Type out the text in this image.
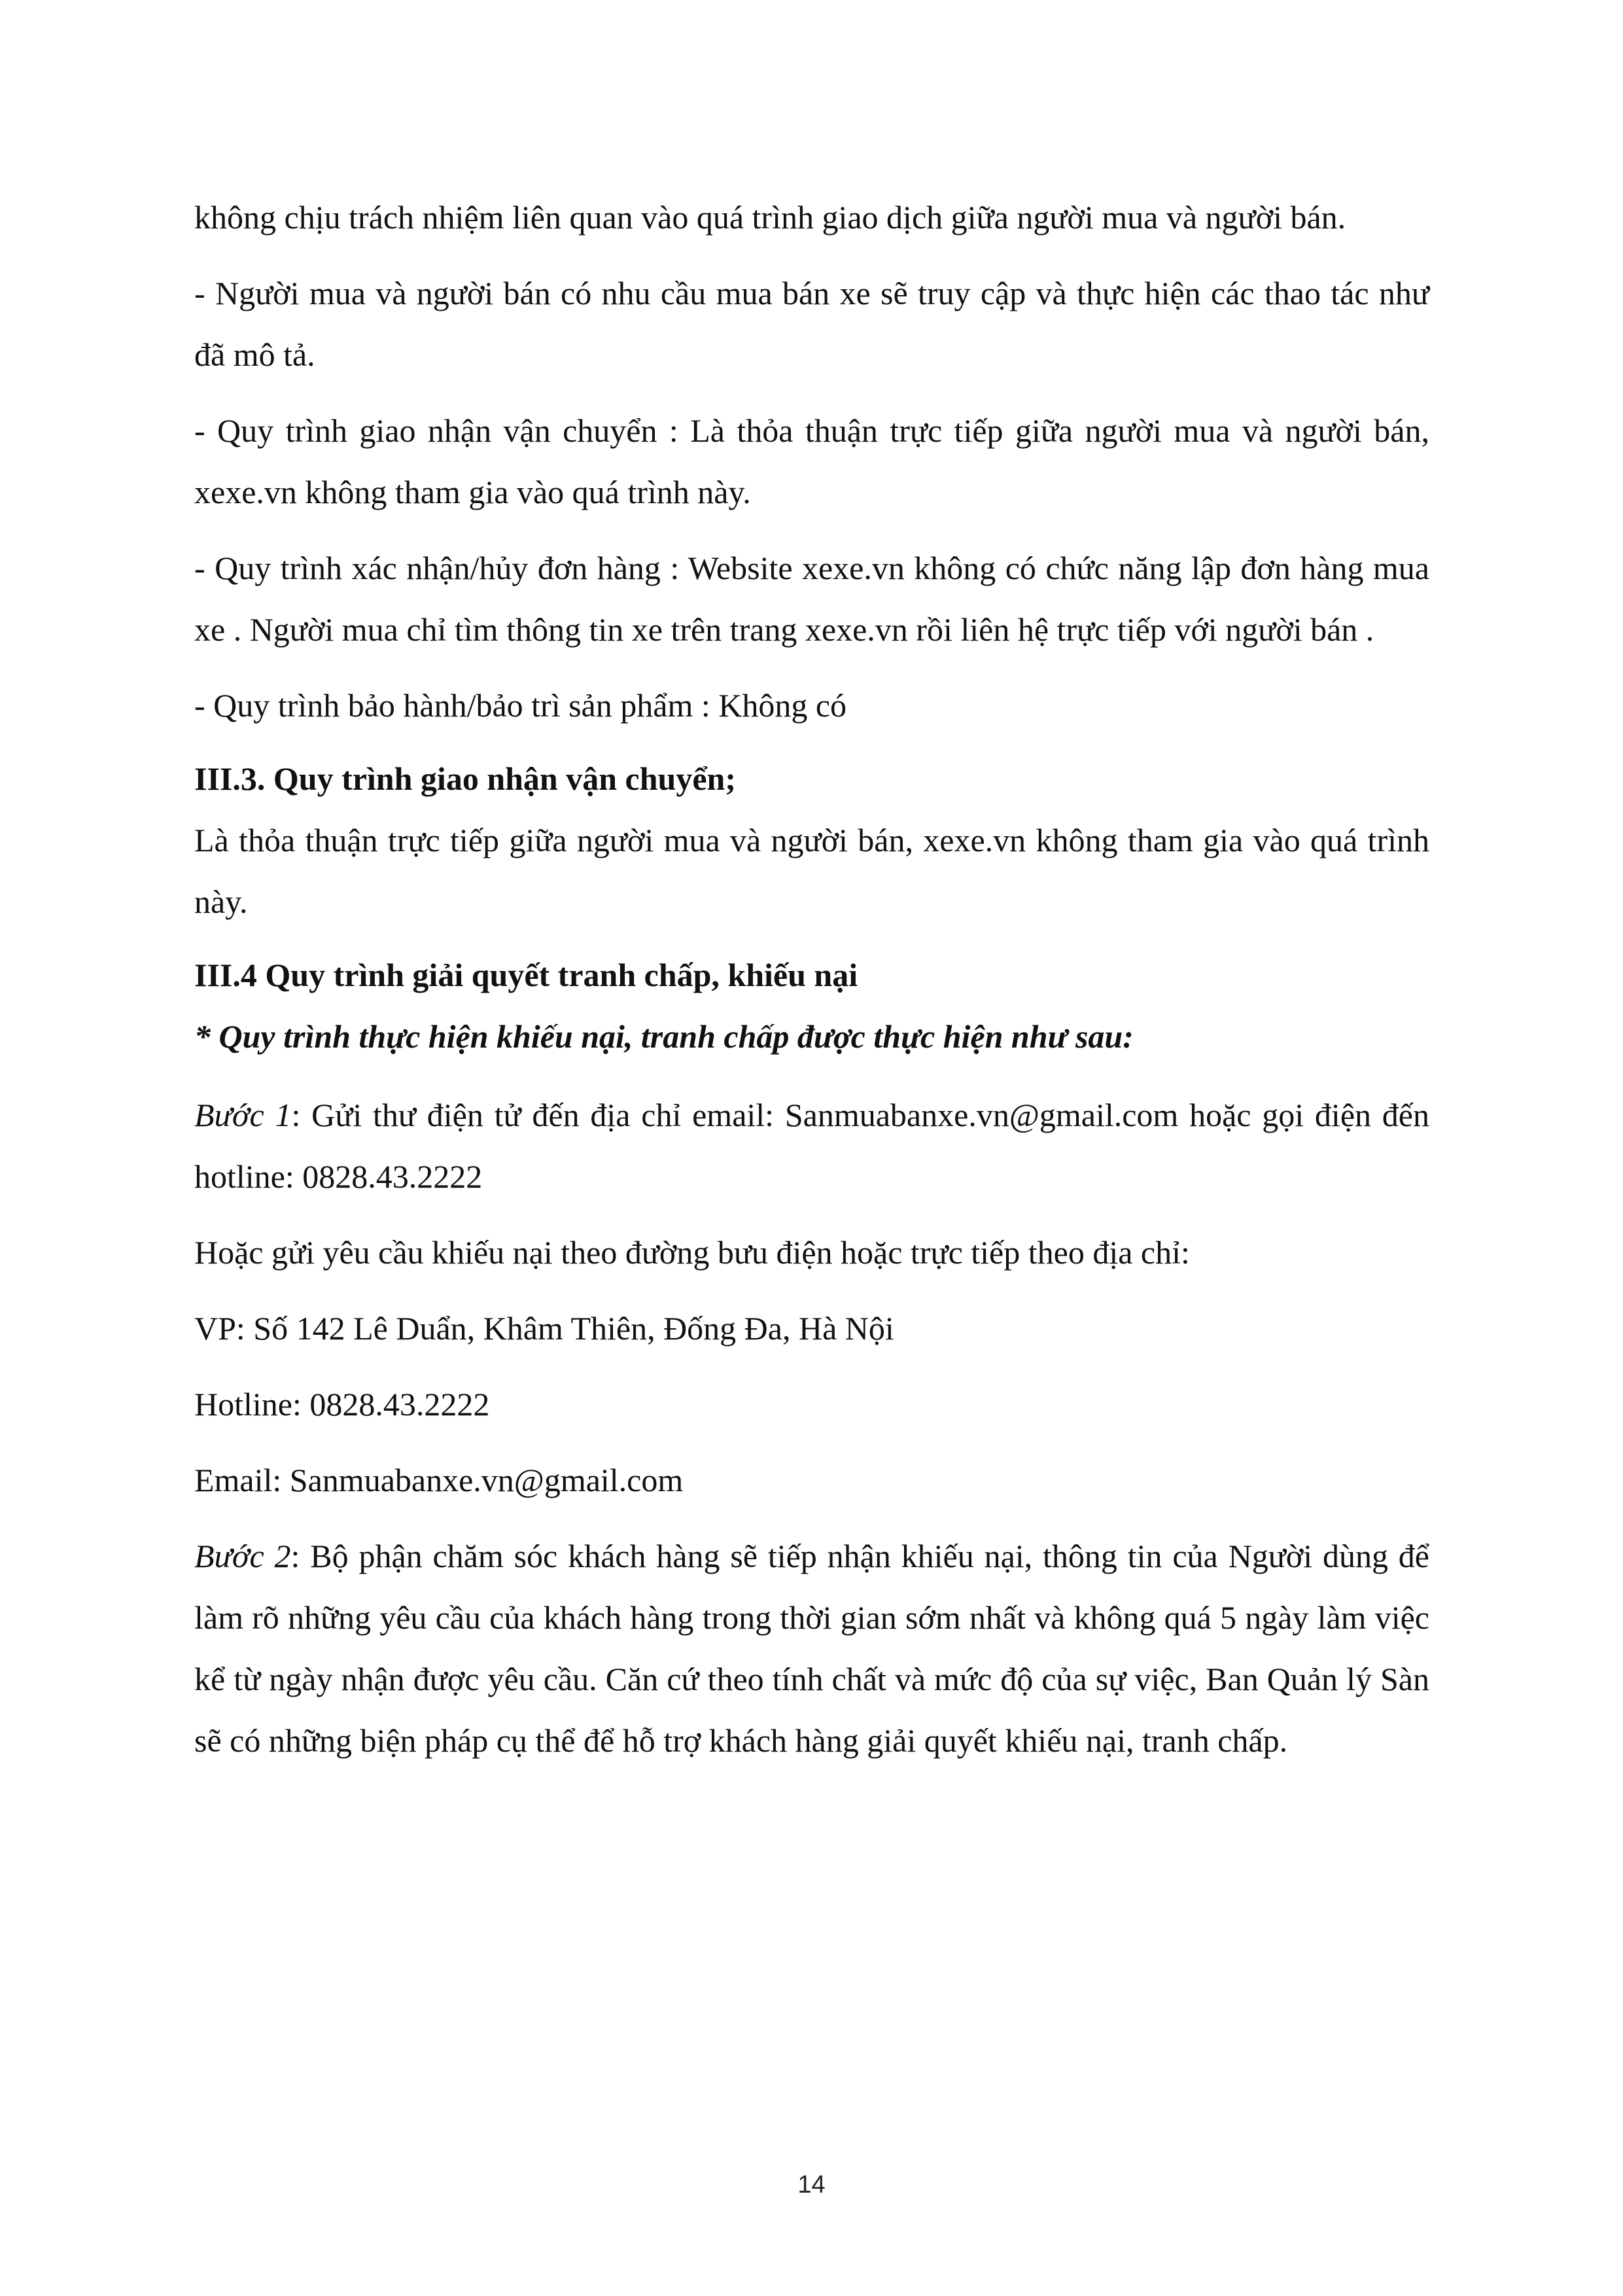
không chịu trách nhiệm liên quan vào quá trình giao dịch giữa người mua và người bán.

- Người mua và người bán có nhu cầu mua bán xe sẽ truy cập và thực hiện các thao tác như đã mô tả.

- Quy trình giao nhận vận chuyển : Là thỏa thuận trực tiếp giữa người mua và người bán, xexe.vn không tham gia vào quá trình này.

- Quy trình xác nhận/hủy đơn hàng : Website xexe.vn không có chức năng lập đơn hàng mua xe . Người mua chỉ tìm thông tin xe trên trang xexe.vn rồi liên hệ trực tiếp với người bán .

- Quy trình bảo hành/bảo trì sản phẩm : Không có

III.3. Quy trình giao nhận vận chuyển;

Là thỏa thuận trực tiếp giữa người mua và người bán, xexe.vn không tham gia vào quá trình này.

III.4 Quy trình giải quyết tranh chấp, khiếu nại

* Quy trình thực hiện khiếu nại, tranh chấp được thực hiện như sau:

Bước 1: Gửi thư điện tử đến địa chỉ email: Sanmuabanxe.vn@gmail.com hoặc gọi điện đến hotline: 0828.43.2222

Hoặc gửi yêu cầu khiếu nại theo đường bưu điện hoặc trực tiếp theo địa chỉ:

VP: Số 142 Lê Duẩn, Khâm Thiên, Đống Đa, Hà Nội

Hotline: 0828.43.2222

Email: Sanmuabanxe.vn@gmail.com

Bước 2: Bộ phận chăm sóc khách hàng sẽ tiếp nhận khiếu nại, thông tin của Người dùng để làm rõ những yêu cầu của khách hàng trong thời gian sớm nhất và không quá 5 ngày làm việc kể từ ngày nhận được yêu cầu. Căn cứ theo tính chất và mức độ của sự việc, Ban Quản lý Sàn sẽ có những biện pháp cụ thể để hỗ trợ khách hàng giải quyết khiếu nại, tranh chấp.

14
